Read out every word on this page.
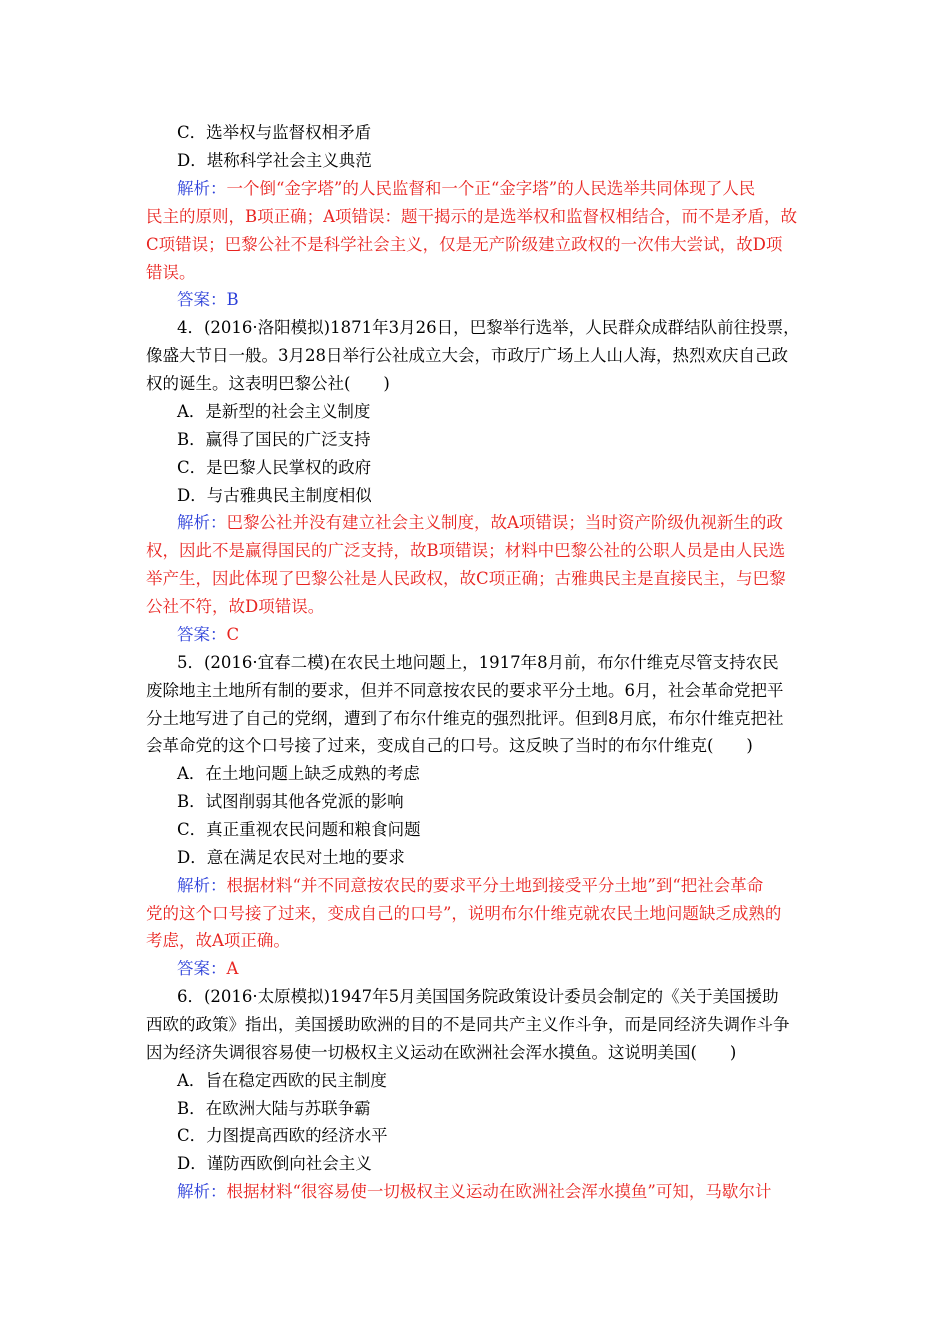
C．选举权与监督权相矛盾
D．堪称科学社会主义典范
解析：一个倒“金字塔”的人民监督和一个正“金字塔”的人民选举共同体现了人民
民主的原则，B项正确；A项错误：题干揭示的是选举权和监督权相结合，而不是矛盾，故
C项错误；巴黎公社不是科学社会主义，仅是无产阶级建立政权的一次伟大尝试，故D项
错误。
答案：B
4．(2016·洛阳模拟)1871年3月26日，巴黎举行选举，人民群众成群结队前往投票，
像盛大节日一般。3月28日举行公社成立大会，市政厅广场上人山人海，热烈欢庆自己政
权的诞生。这表明巴黎公社(　　)
A．是新型的社会主义制度
B．赢得了国民的广泛支持
C．是巴黎人民掌权的政府
D．与古雅典民主制度相似
解析：巴黎公社并没有建立社会主义制度，故A项错误；当时资产阶级仇视新生的政
权，因此不是赢得国民的广泛支持，故B项错误；材料中巴黎公社的公职人员是由人民选
举产生，因此体现了巴黎公社是人民政权，故C项正确；古雅典民主是直接民主，与巴黎
公社不符，故D项错误。
答案：C
5．(2016·宜春二模)在农民土地问题上，1917年8月前，布尔什维克尽管支持农民
废除地主土地所有制的要求，但并不同意按农民的要求平分土地。6月，社会革命党把平
分土地写进了自己的党纲，遭到了布尔什维克的强烈批评。但到8月底，布尔什维克把社
会革命党的这个口号接了过来，变成自己的口号。这反映了当时的布尔什维克(　　)
A．在土地问题上缺乏成熟的考虑
B．试图削弱其他各党派的影响
C．真正重视农民问题和粮食问题
D．意在满足农民对土地的要求
解析：根据材料“并不同意按农民的要求平分土地到接受平分土地”到“把社会革命
党的这个口号接了过来，变成自己的口号”，说明布尔什维克就农民土地问题缺乏成熟的
考虑，故A项正确。
答案：A
6．(2016·太原模拟)1947年5月美国国务院政策设计委员会制定的《关于美国援助
西欧的政策》指出，美国援助欧洲的目的不是同共产主义作斗争，而是同经济失调作斗争
因为经济失调很容易使一切极权主义运动在欧洲社会浑水摸鱼。这说明美国(　　)
A．旨在稳定西欧的民主制度
B．在欧洲大陆与苏联争霸
C．力图提高西欧的经济水平
D．谨防西欧倒向社会主义
解析：根据材料“很容易使一切极权主义运动在欧洲社会浑水摸鱼”可知，马歇尔计
